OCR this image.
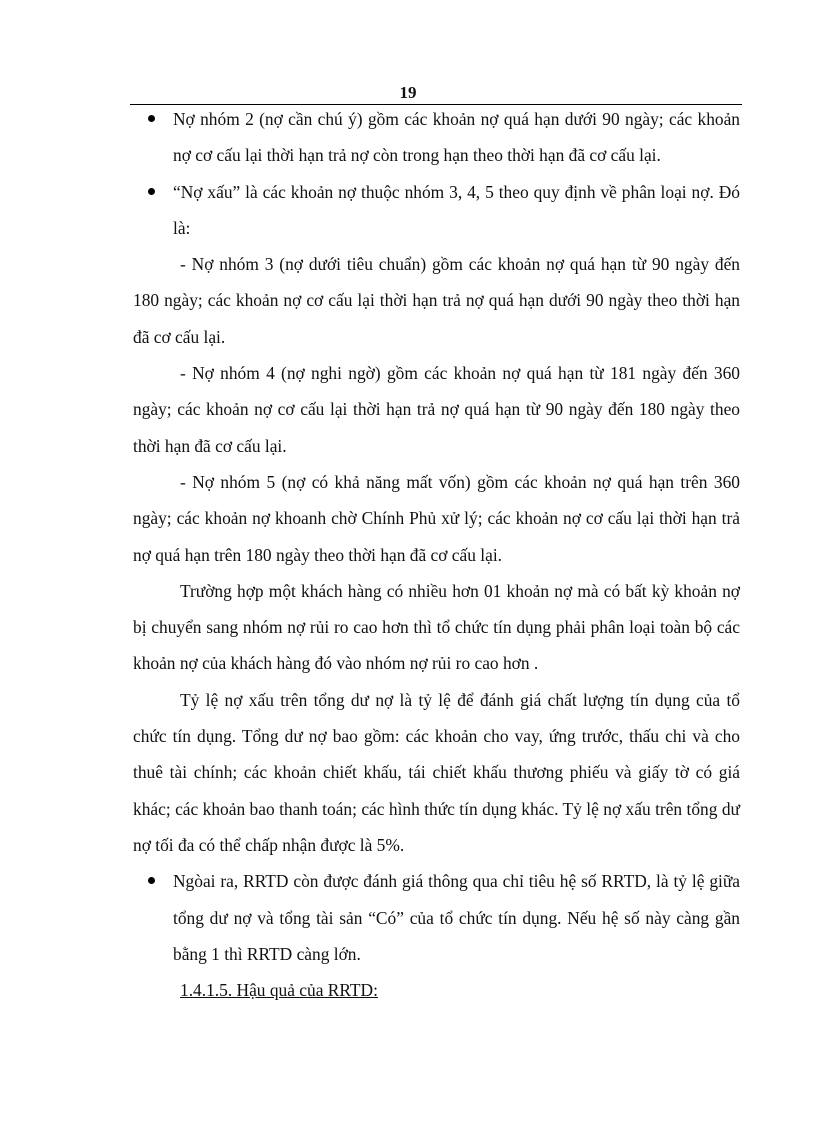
19
Nợ nhóm 2 (nợ cần chú ý) gồm các khoản nợ quá hạn dưới 90 ngày; các khoản nợ cơ cấu lại thời hạn trả nợ còn trong hạn theo thời hạn đã cơ cấu lại.
“Nợ xấu” là các khoản nợ thuộc nhóm 3, 4, 5 theo quy định về phân loại nợ. Đó là:

- Nợ nhóm 3 (nợ dưới tiêu chuẩn) gồm các khoản nợ quá hạn từ 90 ngày đến 180 ngày; các khoản nợ cơ cấu lại thời hạn trả nợ quá hạn dưới 90 ngày theo thời hạn đã cơ cấu lại.

- Nợ nhóm 4 (nợ nghi ngờ) gồm các khoản nợ quá hạn từ 181 ngày đến 360 ngày; các khoản nợ cơ cấu lại thời hạn trả nợ quá hạn từ 90 ngày đến 180 ngày theo thời hạn đã cơ cấu lại.

- Nợ nhóm 5 (nợ có khả năng mất vốn) gồm các khoản nợ quá hạn trên 360 ngày; các khoản nợ khoanh chờ Chính Phủ xử lý; các khoản nợ cơ cấu lại thời hạn trả nợ quá hạn trên 180 ngày theo thời hạn đã cơ cấu lại.

Trường hợp một khách hàng có nhiều hơn 01 khoản nợ mà có bất kỳ khoản nợ bị chuyển sang nhóm nợ rủi ro cao hơn thì tổ chức tín dụng phải phân loại toàn bộ các khoản nợ của khách hàng đó vào nhóm nợ rủi ro cao hơn .

Tỷ lệ nợ xấu trên tổng dư nợ là tỷ lệ để đánh giá chất lượng tín dụng của tổ chức tín dụng. Tổng dư nợ bao gồm: các khoản cho vay, ứng trước, thấu chi và cho thuê tài chính; các khoản chiết khấu, tái chiết khấu thương phiếu và giấy tờ có giá khác; các khoản bao thanh toán; các hình thức tín dụng khác. Tỷ lệ nợ xấu trên tổng dư nợ tối đa có thể chấp nhận được là 5%.

Ngòai ra, RRTD còn được đánh giá thông qua chỉ tiêu hệ số RRTD, là tỷ lệ giữa tổng dư nợ và tổng tài sản “Có” của tổ chức tín dụng. Nếu hệ số này càng gần bằng 1 thì RRTD càng lớn.
1.4.1.5. Hậu quả của RRTD:
